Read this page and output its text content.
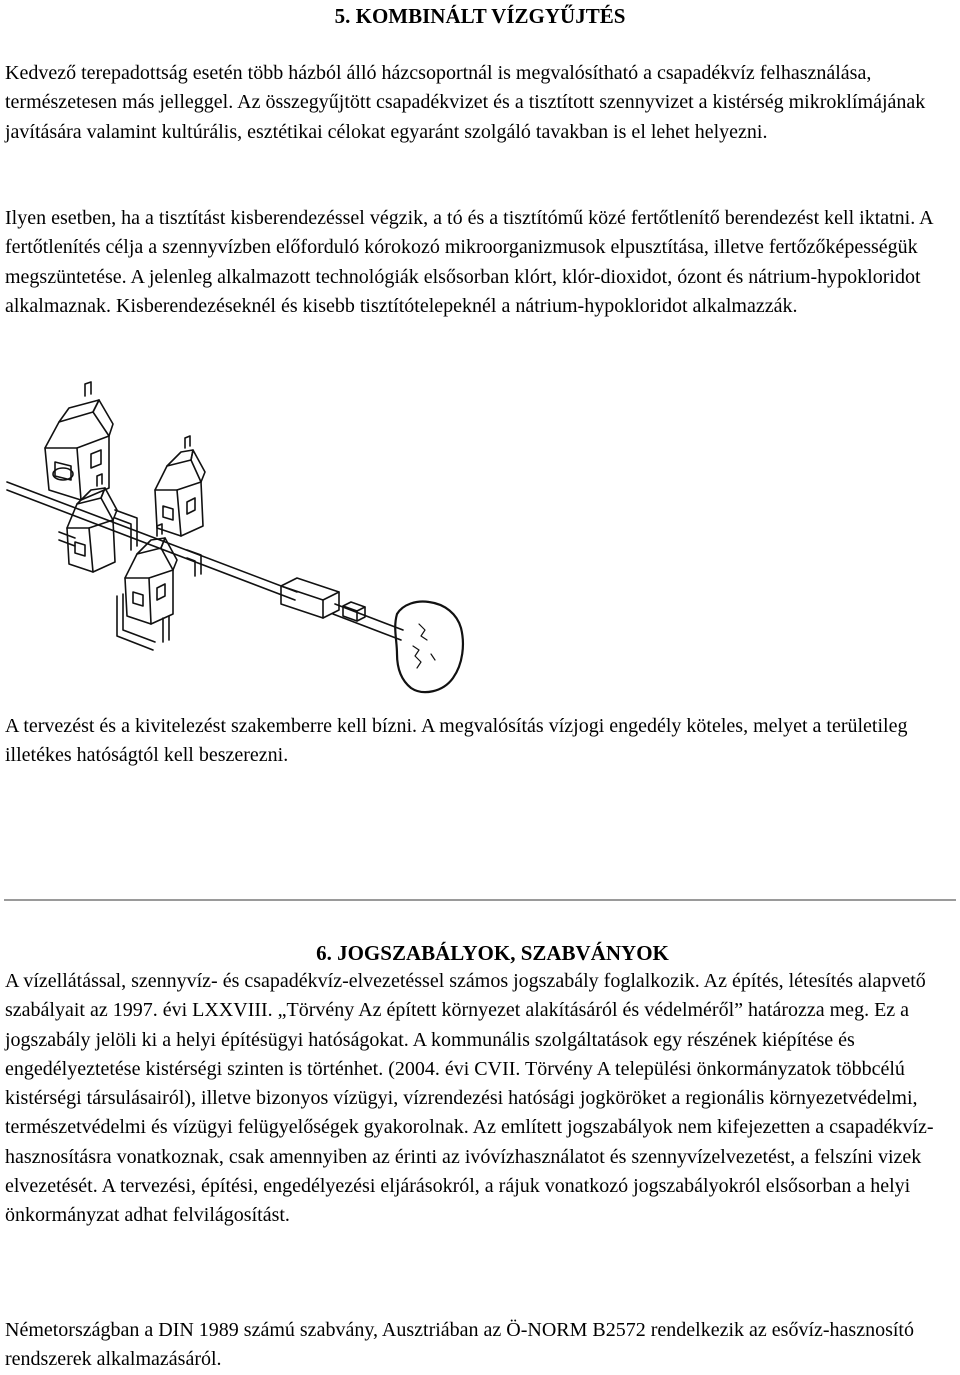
5. KOMBINÁLT VÍZGYŰJTÉS
Kedvező terepadottság esetén több házból álló házcsoportnál is megvalósítható a csapadékvíz felhasználása, természetesen más jelleggel. Az összegyűjtött csapadékvizet és a tisztított szennyvizet a kistérség mikroklímájának javítására valamint kultúrális, esztétikai célokat egyaránt szolgáló tavakban is el lehet helyezni.
Ilyen esetben, ha a tisztítást kisberendezéssel végzik, a tó és a tisztítómű közé fertőtlenítő berendezést kell iktatni. A fertőtlenítés célja a szennyvízben előforduló kórokozó mikroorganizmusok elpusztítása, illetve fertőzőképességük megszüntetése. A jelenleg alkalmazott technológiák elsősorban klórt, klór-dioxidot, ózont és nátrium-hypokloridot alkalmaznak. Kisberendezéseknél és kisebb tisztítótelepeknél a nátrium-hypokloridot alkalmazzák.
A tervezést és a kivitelezést szakemberre kell bízni. A megvalósítás vízjogi engedély köteles, melyet a területileg illetékes hatóságtól kell beszerezni.
6. JOGSZABÁLYOK, SZABVÁNYOK
A vízellátással, szennyvíz- és csapadékvíz-elvezetéssel számos jogszabály foglalkozik. Az építés, létesítés alapvető szabályait az 1997. évi LXXVIII. „Törvény Az épített környezet alakításáról és védelméről” határozza meg. Ez a jogszabály jelöli ki a helyi építésügyi hatóságokat. A kommunális szolgáltatások egy részének kiépítése és engedélyeztetése kistérségi szinten is történhet. (2004. évi CVII. Törvény A települési önkormányzatok többcélú kistérségi társulásairól), illetve bizonyos vízügyi, vízrendezési hatósági jogköröket a regionális környezetvédelmi, természetvédelmi és vízügyi felügyelőségek gyakorolnak. Az említett jogszabályok nem kifejezetten a csapadékvíz-hasznosításra vonatkoznak, csak amennyiben az érinti az ivóvízhasználatot és szennyvízelvezetést, a felszíni vizek elvezetését. A tervezési, építési, engedélyezési eljárásokról, a rájuk vonatkozó jogszabályokról elsősorban a helyi önkormányzat adhat felvilágosítást.
Németországban a DIN 1989 számú szabvány, Ausztriában az Ö-NORM B2572 rendelkezik az esővíz-hasznosító rendszerek alkalmazásáról.
